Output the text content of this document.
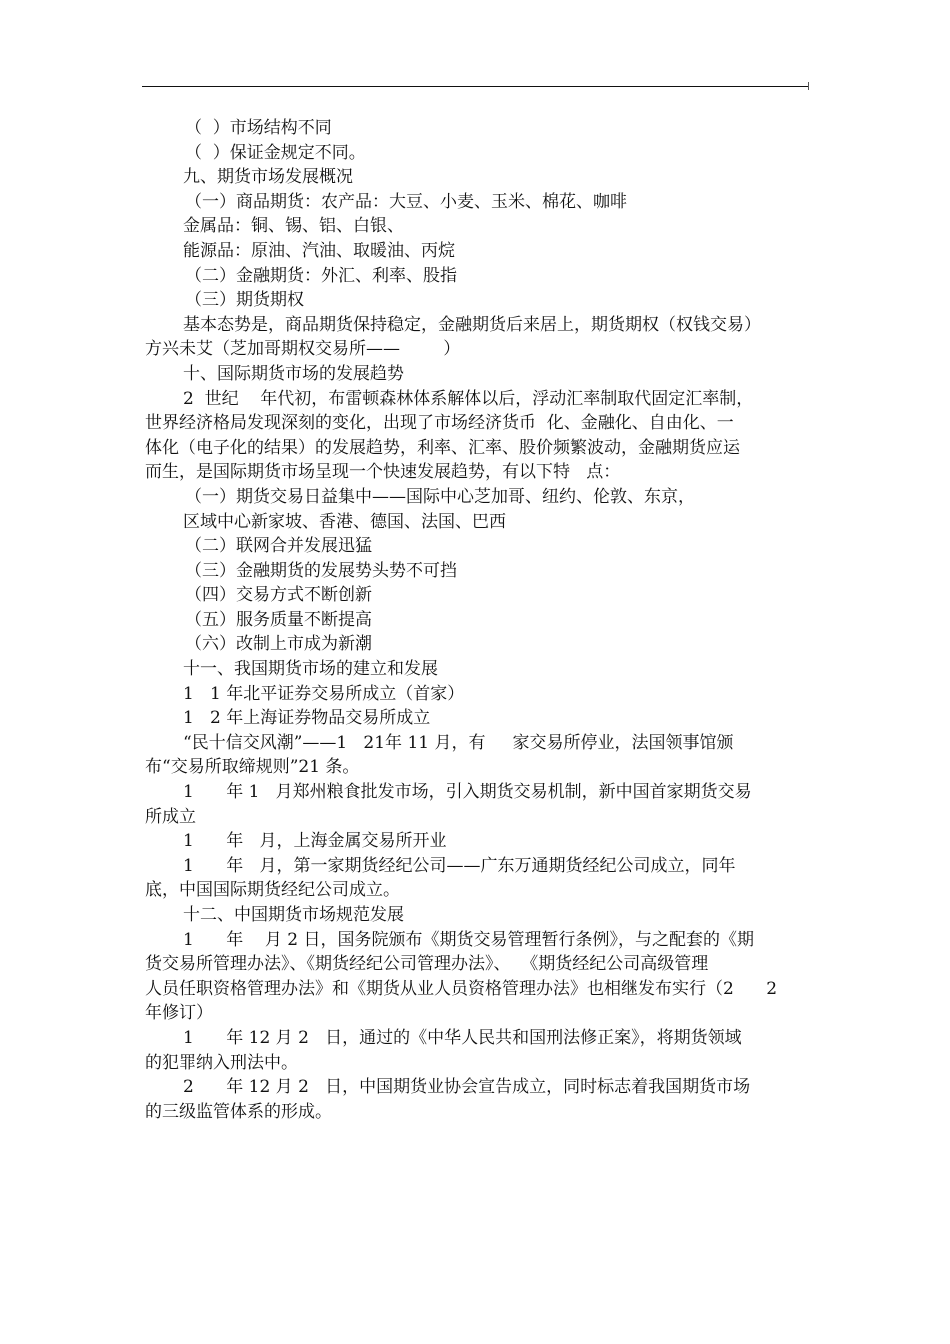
（  ）市场结构不同
（  ）保证金规定不同。
九、期货市场发展概况
（一）商品期货：农产品：大豆、小麦、玉米、棉花、咖啡
金属品：铜、锡、铝、白银、
能源品：原油、汽油、取暖油、丙烷
（二）金融期货：外汇、利率、股指
（三）期货期权
基本态势是，商品期货保持稳定，金融期货后来居上，期货期权（权钱交易）
方兴未艾（芝加哥期权交易所——        ）
十、国际期货市场的发展趋势
2  世纪    年代初，布雷顿森林体系解体以后，浮动汇率制取代固定汇率制，
世界经济格局发现深刻的变化，出现了市场经济货币  化、金融化、自由化、一
体化（电子化的结果）的发展趋势，利率、汇率、股价频繁波动，金融期货应运
而生，是国际期货市场呈现一个快速发展趋势，有以下特   点：
（一）期货交易日益集中——国际中心芝加哥、纽约、伦敦、东京，
区域中心新家坡、香港、德国、法国、巴西
（二）联网合并发展迅猛
（三）金融期货的发展势头势不可挡
（四）交易方式不断创新
（五）服务质量不断提高
（六）改制上市成为新潮
十一、我国期货市场的建立和发展
1   1 年北平证券交易所成立（首家）
1   2 年上海证券物品交易所成立
“民十信交风潮”——1   21年 11 月，有     家交易所停业，法国领事馆颁
布“交易所取缔规则”21 条。
1      年 1   月郑州粮食批发市场，引入期货交易机制，新中国首家期货交易
所成立
1      年   月，上海金属交易所开业
1      年   月，第一家期货经纪公司——广东万通期货经纪公司成立，同年
底，中国国际期货经纪公司成立。
十二、中国期货市场规范发展
1      年    月 2 日，国务院颁布《期货交易管理暂行条例》，与之配套的《期
货交易所管理办法》、《期货经纪公司管理办法》、  《期货经纪公司高级管理
人员任职资格管理办法》和《期货从业人员资格管理办法》也相继发布实行（2      2
年修订）
1      年 12 月 2   日，通过的《中华人民共和国刑法修正案》，将期货领域
的犯罪纳入刑法中。
2      年 12 月 2   日，中国期货业协会宣告成立，同时标志着我国期货市场
的三级监管体系的形成。
